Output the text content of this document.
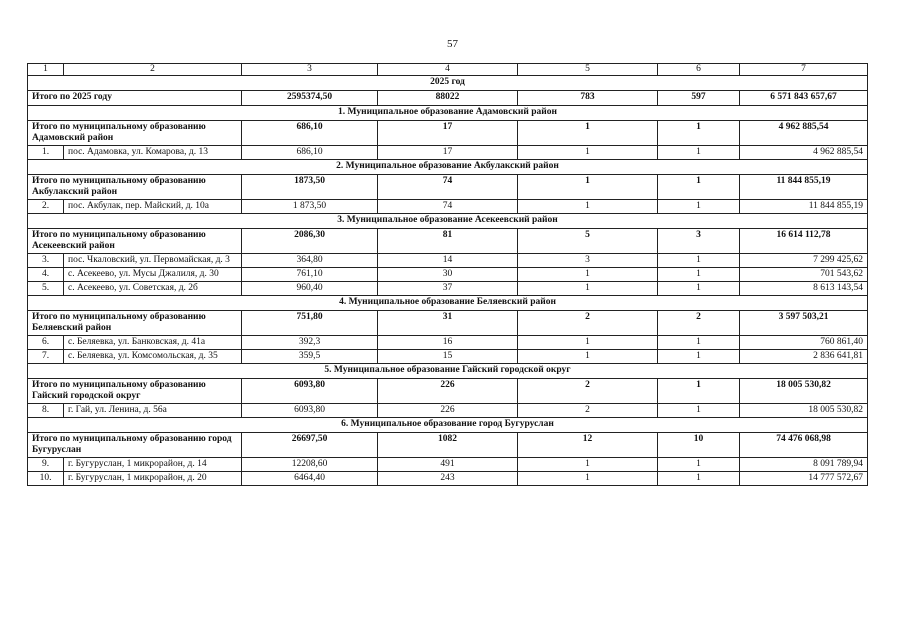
57
1	2	3	4	5	6	7
2025 год						
Итого по 2025 году		2595374,50	88022	783	597	6 571 843 657,67
1. Муниципальное образование Адамовский район						
Итого по муниципальному образованию Адамовский район		686,10	17	1	1	4 962 885,54
1.	пос. Адамовка, ул. Комарова, д. 13	686,10	17	1	1	4 962 885,54
2. Муниципальное образование Акбулакский район						
Итого по муниципальному образованию Акбулакский район		1873,50	74	1	1	11 844 855,19
2.	пос. Акбулак, пер. Майский, д. 10а	1 873,50	74	1	1	11 844 855,19
3. Муниципальное образование Асекеевский район						
Итого по муниципальному образованию Асекеевский район		2086,30	81	5	3	16 614 112,78
3.	пос. Чкаловский, ул. Первомайская, д. 3	364,80	14	3	1	7 299 425,62
4.	с. Асекеево, ул. Мусы Джалиля, д. 30	761,10	30	1	1	701 543,62
5.	с. Асекеево, ул. Советская, д. 2б	960,40	37	1	1	8 613 143,54
4. Муниципальное образование Беляевский район						
Итого по муниципальному образованию Беляевский район		751,80	31	2	2	3 597 503,21
6.	с. Беляевка, ул. Банковская, д. 41а	392,3	16	1	1	760 861,40
7.	с. Беляевка, ул. Комсомольская, д. 35	359,5	15	1	1	2 836 641,81
5. Муниципальное образование Гайский городской округ						
Итого по муниципальному образованию Гайский городской округ		6093,80	226	2	1	18 005 530,82
8.	г. Гай, ул. Ленина, д. 56а	6093,80	226	2	1	18 005 530,82
6. Муниципальное образование город Бугуруслан						
Итого по муниципальному образованию город Бугуруслан		26697,50	1082	12	10	74 476 068,98
9.	г. Бугуруслан, 1 микрорайон, д. 14	12208,60	491	1	1	8 091 789,94
10.	г. Бугуруслан, 1 микрорайон, д. 20	6464,40	243	1	1	14 777 572,67
